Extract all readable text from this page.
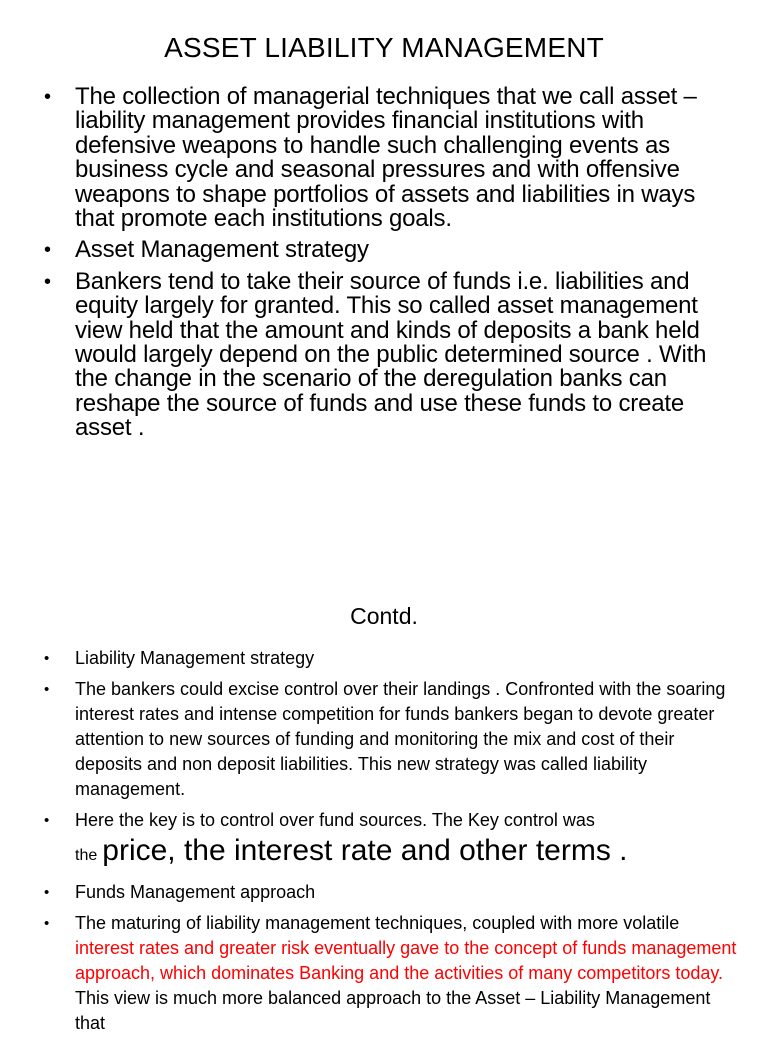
ASSET LIABILITY MANAGEMENT
• The collection of managerial techniques that we call asset – liability management provides financial institutions with defensive weapons to handle such challenging events as business cycle and seasonal pressures and with offensive weapons to shape portfolios of assets and liabilities in ways that promote each institutions goals.
• Asset Management strategy
• Bankers tend to take their source of funds i.e. liabilities and equity largely for granted. This so called asset management view held that the amount and kinds of deposits a bank held would largely depend on the public determined source . With the change in the scenario of the deregulation banks can reshape the source of funds and use these funds to create asset .
Contd.
• Liability Management strategy
• The bankers could excise control over their landings . Confronted with the soaring interest rates and intense competition for funds bankers began to devote greater attention to new sources of funding and monitoring the mix and cost of their deposits and non deposit liabilities. This new strategy was called liability management.
• Here the key is to control over fund sources. The Key control was
the price, the interest rate and other terms .
• Funds Management approach
• The maturing of liability management techniques, coupled with more volatile interest rates and greater risk eventually gave to the concept of funds management approach, which dominates Banking and the activities of many competitors today. This view is much more balanced approach to the Asset – Liability Management that
